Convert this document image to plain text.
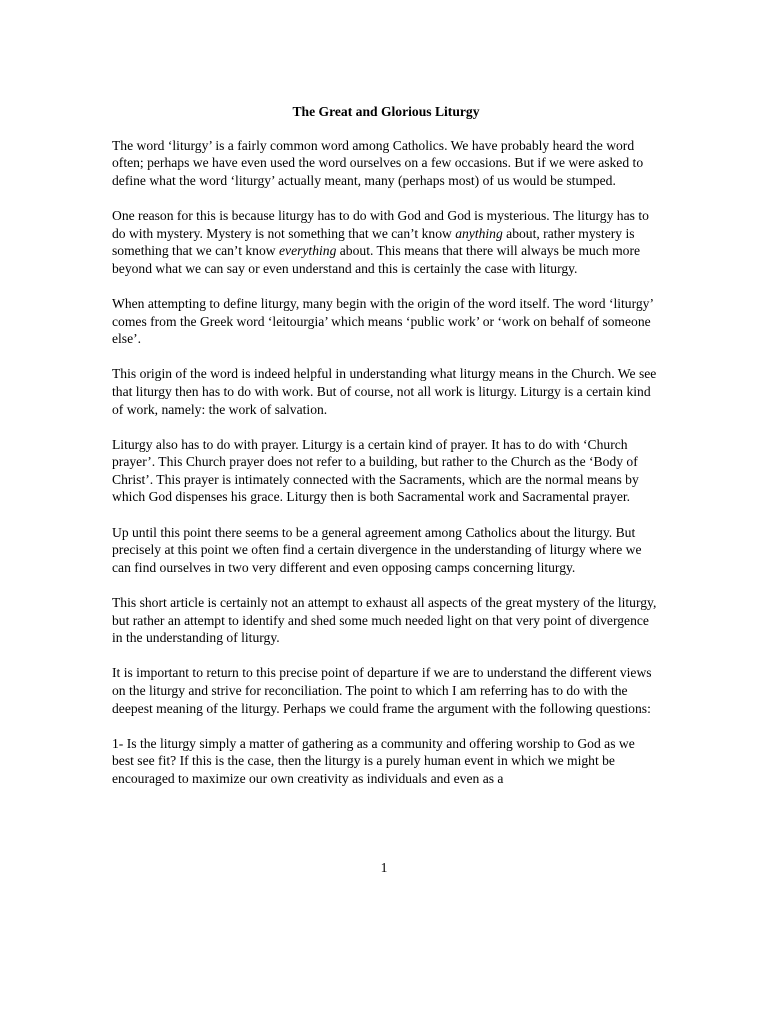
The Great and Glorious Liturgy

The word ‘liturgy’ is a fairly common word among Catholics. We have probably heard the word often; perhaps we have even used the word ourselves on a few occasions. But if we were asked to define what the word ‘liturgy’ actually meant, many (perhaps most) of us would be stumped.

One reason for this is because liturgy has to do with God and God is mysterious. The liturgy has to do with mystery. Mystery is not something that we can’t know anything about, rather mystery is something that we can’t know everything about. This means that there will always be much more beyond what we can say or even understand and this is certainly the case with liturgy.

When attempting to define liturgy, many begin with the origin of the word itself. The word ‘liturgy’ comes from the Greek word ‘leitourgia’ which means ‘public work’ or ‘work on behalf of someone else’.

This origin of the word is indeed helpful in understanding what liturgy means in the Church. We see that liturgy then has to do with work. But of course, not all work is liturgy. Liturgy is a certain kind of work, namely: the work of salvation.

Liturgy also has to do with prayer. Liturgy is a certain kind of prayer. It has to do with ‘Church prayer’. This Church prayer does not refer to a building, but rather to the Church as the ‘Body of Christ’. This prayer is intimately connected with the Sacraments, which are the normal means by which God dispenses his grace. Liturgy then is both Sacramental work and Sacramental prayer.

Up until this point there seems to be a general agreement among Catholics about the liturgy. But precisely at this point we often find a certain divergence in the understanding of liturgy where we can find ourselves in two very different and even opposing camps concerning liturgy.

This short article is certainly not an attempt to exhaust all aspects of the great mystery of the liturgy, but rather an attempt to identify and shed some much needed light on that very point of divergence in the understanding of liturgy.

It is important to return to this precise point of departure if we are to understand the different views on the liturgy and strive for reconciliation. The point to which I am referring has to do with the deepest meaning of the liturgy. Perhaps we could frame the argument with the following questions:

1- Is the liturgy simply a matter of gathering as a community and offering worship to God as we best see fit? If this is the case, then the liturgy is a purely human event in which we might be encouraged to maximize our own creativity as individuals and even as a

1
